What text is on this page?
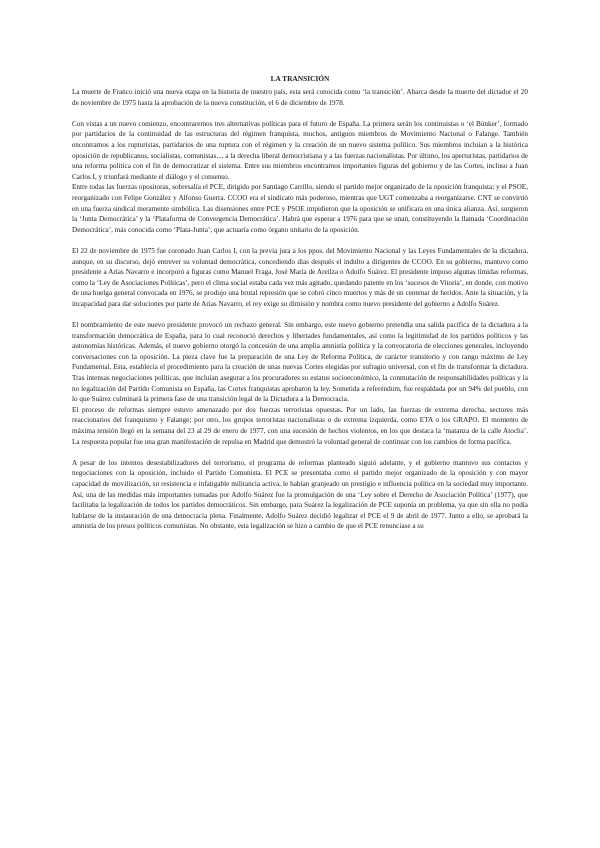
LA TRANSICIÓN

La muerte de Franco inició una nueva etapa en la historia de nuestro país, esta será conocida como ‘la transición’. Abarca desde la muerte del dictador el 20 de noviembre de 1975 hasta la aprobación de la nueva constitución, el 6 de diciembre de 1978.

Con vistas a un nuevo comienzo, encontraremos tres alternativas políticas para el futuro de España. La primera serán los continuistas o ‘el Búnker’, formado por partidarios de la continuidad de las estructuras del régimen franquista, muchos, antiguos miembros de Movimiento Nacional o Falange. También encontramos a los rupturistas, partidarios de una ruptura con el régimen y la creación de un nuevo sistema político. Sus miembros incluían a la histórica oposición de republicanos, socialistas, comunistas..., a la derecha liberal democristiana y a las fuerzas nacionalistas. Por último, los aperturistas, partidarios de una reforma política con el fin de democratizar el sistema. Entre sus miembros encontramos importantes figuras del gobierno y de las Cortes, incluso a Juan Carlos I, y triunfará mediante el diálogo y el consenso.

Entre todas las fuerzas opositoras, sobresalía el PCE, dirigido por Santiago Carrillo, siendo el partido mejor organizado de la oposición franquista; y el PSOE, reorganizado con Felipe González y Alfonso Guerra. CCOO era el sindicato más poderoso, mientras que UGT comenzaba a reorganizarse. CNT se convirtió en una fuerza sindical meramente simbólica. Las disensiones entre PCE y PSOE impidieron que la oposición se unificara en una única alianza. Así, surgieron la ‘Junta Democrática’ y la ‘Plataforma de Convergencia Democrática’. Habrá que esperar a 1976 para que se unan, constituyendo la llamada ‘Coordinación Democrática’, más conocida como ‘Plata-Junta’, que actuaría como órgano unitario de la oposición.

El 22 de noviembre de 1975 fue coronado Juan Carlos I, con la previa jura a los ppos. del Movimiento Nacional y las Leyes Fundamentales de la dictadura, aunque, en su discurso, dejó entrever su voluntad democrática, concediendo días después el indulto a dirigentes de CCOO. En su gobierno, mantuvo como presidente a Arias Navarro e incorporó a figuras como Manuel Fraga, José María de Areilza o Adolfo Suárez. El presidente impuso algunas tímidas reformas, como la ‘Ley de Asociaciones Políticas’, pero el clima social estaba cada vez más agitado, quedando patente en los ‘sucesos de Vitoria’, en donde, con motivo de una huelga general convocada en 1976, se produjo una brutal represión que se cobró cinco muertos y más de un centenar de heridos. Ante la situación, y la incapacidad para dar soluciones por parte de Arias Navarro, el rey exige su dimisión y nombra como nuevo presidente del gobierno a Adolfo Suárez.

El nombramiento de este nuevo presidente provocó un rechazo general. Sin embargo, este nuevo gobierno pretendía una salida pacífica de la dictadura a la transformación democrática de España, para lo cual reconoció derechos y libertades fundamentales, así como la legitimidad de los partidos políticos y las autonomías históricas. Además, el nuevo gobierno otorgó la concesión de una amplia amnistía política y la convocatoria de elecciones generales, incluyendo conversaciones con la oposición. La pieza clave fue la preparación de una Ley de Reforma Política, de carácter transitorio y con rango máximo de Ley Fundamental. Esta, establecía el procedimiento para la creación de unas nuevas Cortes elegidas por sufragio universal, con el fin de transformar la dictadura. Tras intensas negociaciones políticas, que incluían asegurar a los procuradores su estatus socioeconómico, la conmutación de responsabilidades políticas y la no legalización del Partido Comunista en España, las Cortes franquistas aprobaron la ley. Sometida a referéndum, fue respaldada por un 94% del pueblo, con lo que Suárez culminará la primera fase de una transición legal de la Dictadura a la Democracia.

El proceso de reformas siempre estuvo amenazado por dos fuerzas terroristas opuestas. Por un lado, las fuerzas de extrema derecha, sectores más reaccionarios del franquismo y Falange; por otro, los grupos terroristas nacionalistas o de extrema izquierda, como ETA o los GRAPO. El momento de máxima tensión llegó en la semana del 23 al 29 de enero de 1977, con una sucesión de hechos violentos, en los que destaca la ‘matanza de la calle Atocha’. La respuesta popular fue una gran manifestación de repulsa en Madrid que demostró la voluntad general de continuar con los cambios de forma pacífica.

A pesar de los intentos desestabilizadores del terrorismo, el programa de reformas planteado siguió adelante, y el gobierno mantuvo sus contactos y negociaciones con la oposición, incluido el Partido Comunista. El PCE se presentaba como el partido mejor organizado de la oposición y con mayor capacidad de movilización, su resistencia e infatigable militancia activa, le habían granjeado un prestigio e influencia política en la sociedad muy importante. Así, una de las medidas más importantes tomadas por Adolfo Suárez fue la promulgación de una ‘Ley sobre el Derecho de Asociación Política’ (1977), que facilitaba la legalización de todos los partidos democráticos. Sin embargo, para Suárez la legalización de PCE suponía un problema, ya que sin ella no podía hablarse de la instauración de una democracia plena. Finalmente, Adolfo Suárez decidió legalizar el PCE el 9 de abril de 1977. Junto a ello, se aprobará la amnistía de los presos políticos comunistas. No obstante, esta legalización se hizo a cambio de que el PCE renunciase a su
